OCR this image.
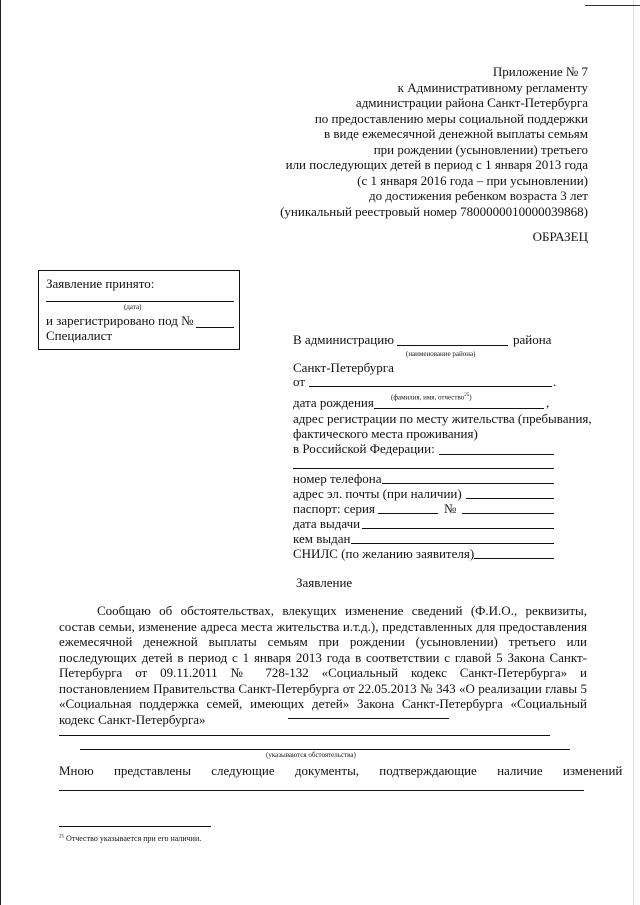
Приложение № 7
к Административному регламенту
администрации района Санкт-Петербурга
по предоставлению меры социальной поддержки
в виде ежемесячной денежной выплаты семьям
при рождении (усыновлении) третьего
или последующих детей в период с 1 января 2013 года
(с 1 января 2016 года – при усыновлении)
до достижения ребенком возраста 3 лет
(уникальный реестровый номер 7800000010000039868)
ОБРАЗЕЦ
Заявление принято:
(дата)
и зарегистрировано под №
Специалист	В администрацию	района
(наименование района)
Санкт-Петербурга
от	.
(фамилия, имя, отчество$^{25}$)
дата рождения	,
адрес регистрации по месту жительства (пребывания,
фактического места проживания)
в Российской Федерации:
номер телефона
адрес эл. почты (при наличии)
паспорт: серия	№
дата выдачи
кем выдан
СНИЛС (по желанию заявителя)
Заявление
Сообщаю об обстоятельствах, влекущих изменение сведений (Ф.И.О., реквизиты, состав семьи, изменение адреса места жительства и.т.д.), представленных для предоставления ежемесячной денежной выплаты семьям при рождении (усыновлении) третьего или последующих детей в период с 1 января 2013 года в соответствии с главой 5 Закона Санкт-Петербурга от 09.11.2011 № 728-132 «Социальный кодекс Санкт-Петербурга» и постановлением Правительства Санкт-Петербурга от 22.05.2013 № 343 «О реализации главы 5 «Социальная поддержка семей, имеющих детей» Закона Санкт-Петербурга «Социальный кодекс Санкт-Петербурга»
(указываются обстоятельства)
Мною представлены следующие документы, подтверждающие наличие изменений
$^{25}$ Отчество указывается при его наличии.
